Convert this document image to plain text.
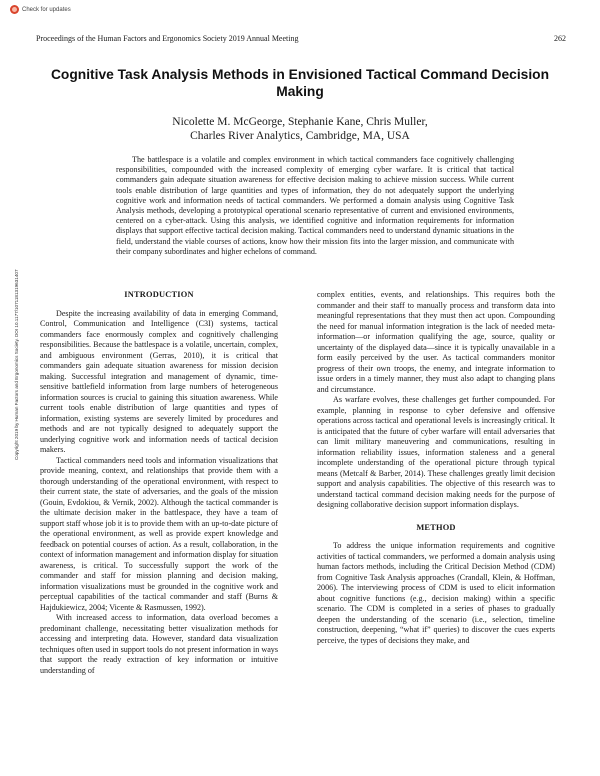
Check for updates
Proceedings of the Human Factors and Ergonomics Society 2019 Annual Meeting	262
Cognitive Task Analysis Methods in Envisioned Tactical Command Decision Making
Nicolette M. McGeorge, Stephanie Kane, Chris Muller,
Charles River Analytics, Cambridge, MA, USA
The battlespace is a volatile and complex environment in which tactical commanders face cognitively challenging responsibilities, compounded with the increased complexity of emerging cyber warfare. It is critical that tactical commanders gain adequate situation awareness for effective decision making to achieve mission success. While current tools enable distribution of large quantities and types of information, they do not adequately support the underlying cognitive work and information needs of tactical commanders. We performed a domain analysis using Cognitive Task Analysis methods, developing a prototypical operational scenario representative of current and envisioned environments, centered on a cyber-attack. Using this analysis, we identified cognitive and information requirements for information displays that support effective tactical decision making. Tactical commanders need to understand dynamic situations in the field, understand the viable courses of actions, know how their mission fits into the larger mission, and communicate with their company subordinates and higher echelons of command.
Copyright 2019 by Human Factors and Ergonomics Society. DOI 10.1177/1071181319631407	INTRODUCTION

Despite the increasing availability of data in emerging Command, Control, Communication and Intelligence (C3I) systems, tactical commanders face enormously complex and cognitively challenging responsibilities. Because the battlespace is a volatile, uncertain, complex, and ambiguous environment (Gerras, 2010), it is critical that commanders gain adequate situation awareness for mission decision making. Successful integration and management of dynamic, time-sensitive battlefield information from large numbers of heterogeneous information sources is crucial to gaining this situation awareness. While current tools enable distribution of large quantities and types of information, existing systems are severely limited by procedures and methods and are not typically designed to adequately support the underlying cognitive work and information needs of tactical decision makers.

Tactical commanders need tools and information visualizations that provide meaning, context, and relationships that provide them with a thorough understanding of the operational environment, with respect to their current state, the state of adversaries, and the goals of the mission (Gouin, Evdokiou, & Vernik, 2002). Although the tactical commander is the ultimate decision maker in the battlespace, they have a team of support staff whose job it is to provide them with an up-to-date picture of the operational environment, as well as provide expert knowledge and feedback on potential courses of action. As a result, collaboration, in the context of information management and information display for situation awareness, is critical. To successfully support the work of the commander and staff for mission planning and decision making, information visualizations must be grounded in the cognitive work and perceptual capabilities of the tactical commander and staff (Burns & Hajdukiewicz, 2004; Vicente & Rasmussen, 1992).

With increased access to information, data overload becomes a predominant challenge, necessitating better visualization methods for accessing and interpreting data. However, standard data visualization techniques often used in support tools do not present information in ways that support the ready extraction of key information or intuitive understanding of

complex entities, events, and relationships. This requires both the commander and their staff to manually process and transform data into meaningful representations that they must then act upon. Compounding the need for manual information integration is the lack of needed meta-information—or information qualifying the age, source, quality or uncertainty of the displayed data—since it is typically unavailable in a form easily perceived by the user. As tactical commanders monitor progress of their own troops, the enemy, and integrate information to issue orders in a timely manner, they must also adapt to changing plans and circumstance.

As warfare evolves, these challenges get further compounded. For example, planning in response to cyber defensive and offensive operations across tactical and operational levels is increasingly critical. It is anticipated that the future of cyber warfare will entail adversaries that can limit military maneuvering and communications, resulting in information reliability issues, information staleness and a general incomplete understanding of the operational picture through typical means (Metcalf & Barber, 2014). These challenges greatly limit decision support and analysis capabilities. The objective of this research was to understand tactical command decision making needs for the purpose of designing collaborative decision support information displays.

METHOD

To address the unique information requirements and cognitive activities of tactical commanders, we performed a domain analysis using human factors methods, including the Critical Decision Method (CDM) from Cognitive Task Analysis approaches (Crandall, Klein, & Hoffman, 2006). The interviewing process of CDM is used to elicit information about cognitive functions (e.g., decision making) within a specific scenario. The CDM is completed in a series of phases to gradually deepen the understanding of the scenario (i.e., selection, timeline construction, deepening, “what if” queries) to discover the cues experts perceive, the types of decisions they make, and
